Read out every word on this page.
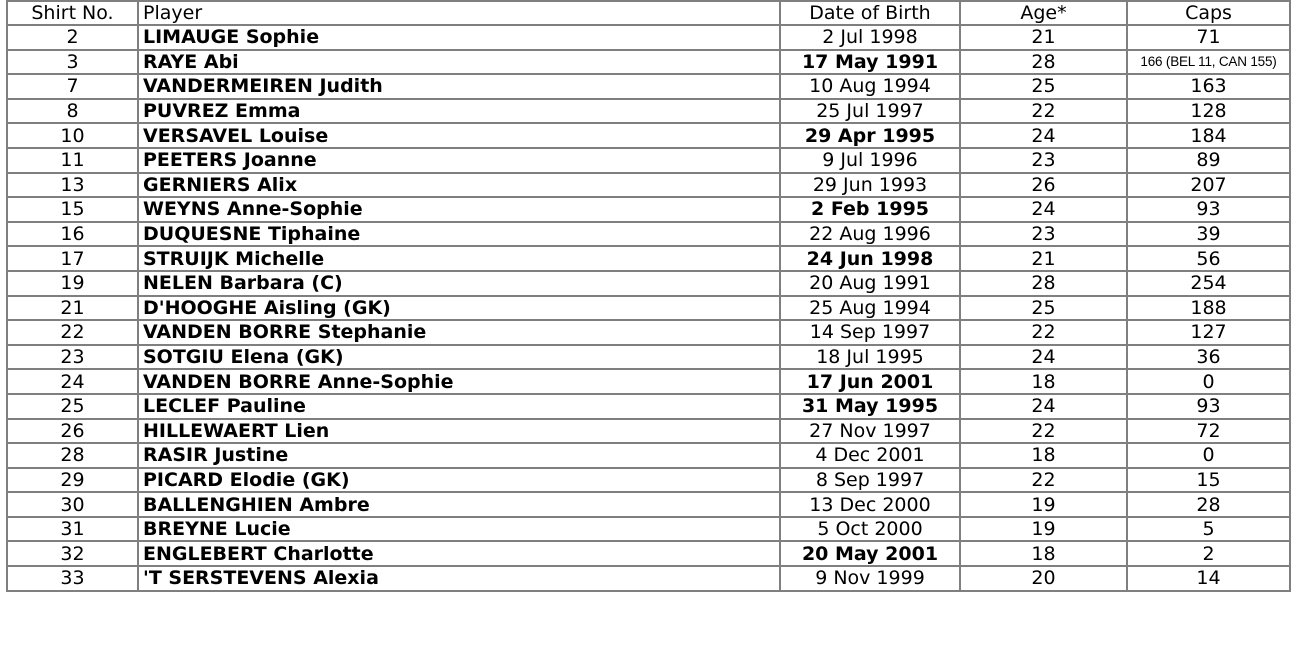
Shirt No.	Player	Date of Birth	Age*	Caps
2	LIMAUGE Sophie	2 Jul 1998	21	71
3	RAYE Abi	17 May 1991	28	166 (BEL 11, CAN 155)
7	VANDERMEIREN Judith	10 Aug 1994	25	163
8	PUVREZ Emma	25 Jul 1997	22	128
10	VERSAVEL Louise	29 Apr 1995	24	184
11	PEETERS Joanne	9 Jul 1996	23	89
13	GERNIERS Alix	29 Jun 1993	26	207
15	WEYNS Anne-Sophie	2 Feb 1995	24	93
16	DUQUESNE Tiphaine	22 Aug 1996	23	39
17	STRUIJK Michelle	24 Jun 1998	21	56
19	NELEN Barbara (C)	20 Aug 1991	28	254
21	D'HOOGHE Aisling (GK)	25 Aug 1994	25	188
22	VANDEN BORRE Stephanie	14 Sep 1997	22	127
23	SOTGIU Elena (GK)	18 Jul 1995	24	36
24	VANDEN BORRE Anne-Sophie	17 Jun 2001	18	0
25	LECLEF Pauline	31 May 1995	24	93
26	HILLEWAERT Lien	27 Nov 1997	22	72
28	RASIR Justine	4 Dec 2001	18	0
29	PICARD Elodie (GK)	8 Sep 1997	22	15
30	BALLENGHIEN Ambre	13 Dec 2000	19	28
31	BREYNE Lucie	5 Oct 2000	19	5
32	ENGLEBERT Charlotte	20 May 2001	18	2
33	'T SERSTEVENS Alexia	9 Nov 1999	20	14
